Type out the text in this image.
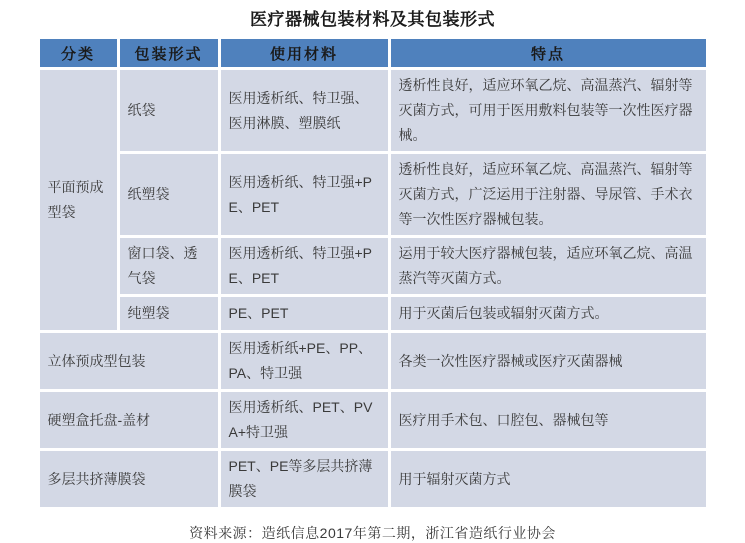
医疗器械包装材料及其包装形式
分类	包装形式	使用材料	特点
平面预成型袋	纸袋	医用透析纸、特卫强、医用淋膜、塑膜纸	透析性良好，适应环氧乙烷、高温蒸汽、辐射等灭菌方式，可用于医用敷料包装等一次性医疗器械。
	纸塑袋	医用透析纸、特卫强+PE、PET	透析性良好，适应环氧乙烷、高温蒸汽、辐射等灭菌方式，广泛运用于注射器、导尿管、手术衣等一次性医疗器械包装。
	窗口袋、透气袋	医用透析纸、特卫强+PE、PET	运用于较大医疗器械包装，适应环氧乙烷、高温蒸汽等灭菌方式。
	纯塑袋	PE、PET	用于灭菌后包装或辐射灭菌方式。
立体预成型包装		医用透析纸+PE、PP、PA、特卫强	各类一次性医疗器械或医疗灭菌器械
硬塑盒托盘-盖材		医用透析纸、PET、PVA+特卫强	医疗用手术包、口腔包、器械包等
多层共挤薄膜袋		PET、PE等多层共挤薄膜袋	用于辐射灭菌方式
资料来源：造纸信息2017年第二期，浙江省造纸行业协会
